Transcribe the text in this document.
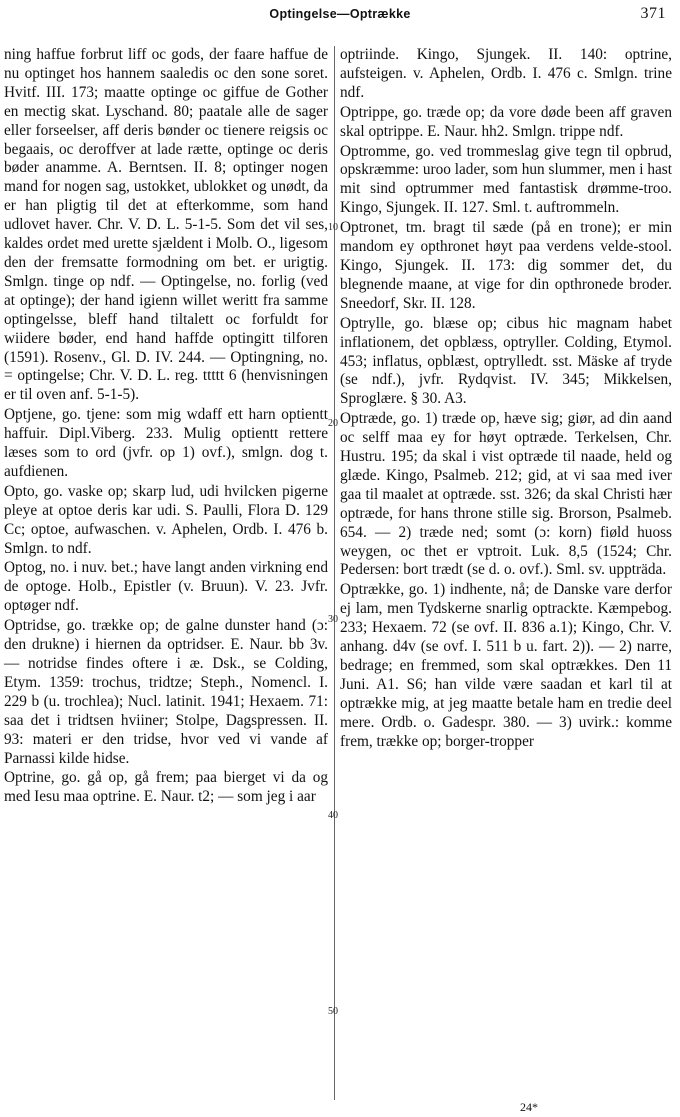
Optingelse—Optrække	371

ning haffue forbrut liff oc gods, der faare haffue de nu optinget hos hannem saaledis oc den sone soret. Hvitf. III. 173; maatte optinge oc giffue de Gother en mectig skat. Lyschand. 80; paatale alle de sager eller forseelser, aff deris bønder oc tienere reigsis oc begaais, oc deroffver at lade rætte, optinge oc deris bøder anamme. A. Berntsen. II. 8; optinger nogen mand for nogen sag, ustokket, ublokket og unødt, da er han pligtig til det at efterkomme, som hand udlovet haver. Chr. V. D. L. 5-1-5. Som det vil ses, kaldes ordet med urette sjældent i Molb. O., ligesom den der fremsatte formodning om bet. er urigtig. Smlgn. tinge op ndf. — Optingelse, no. forlig (ved at optinge); der hand igienn willet weritt fra samme optingelsse, bleff hand tiltalett oc forfuldt for wiidere bøder, end hand haffde optingitt tilforen (1591). Rosenv., Gl. D. IV. 244. — Optingning, no. = optingelse; Chr. V. D. L. reg. ttttt 6 (henvisningen er til oven anf. 5-1-5).

Optjene, go. tjene: som mig wdaff ett harn optientt haffuir. Dipl.Viberg. 233. Mulig optientt rettere læses som to ord (jvfr. op 1) ovf.), smlgn. dog t. aufdienen.

Opto, go. vaske op; skarp lud, udi hvilcken pigerne pleye at optoe deris kar udi. S. Paulli, Flora D. 129 Cc; optoe, aufwaschen. v. Aphelen, Ordb. I. 476 b. Smlgn. to ndf.

Optog, no. i nuv. bet.; have langt anden virkning end de optoge. Holb., Epistler (v. Bruun). V. 23. Jvfr. optøger ndf.

Optridse, go. trække op; de galne dunster hand (ɔ: den drukne) i hiernen da optridser. E. Naur. bb 3v. — notridse findes oftere i æ. Dsk., se Colding, Etym. 1359: trochus, tridtze; Steph., Nomencl. I. 229 b (u. trochlea); Nucl. latinit. 1941; Hexaem. 71: saa det i tridtsen hviiner; Stolpe, Dagspressen. II. 93: materi er den tridse, hvor ved vi vande af Parnassi kilde hidse.

Optrine, go. gå op, gå frem; paa bierget vi da og med Iesu maa optrine. E. Naur. t2; — som jeg i aar

10
20
30
40
50

optriinde. Kingo, Sjungek. II. 140: optrine, aufsteigen. v. Aphelen, Ordb. I. 476 c. Smlgn. trine ndf.

Optrippe, go. træde op; da vore døde been aff graven skal optrippe. E. Naur. hh2. Smlgn. trippe ndf.

Optromme, go. ved trommeslag give tegn til opbrud, opskræmme: uroo lader, som hun slummer, men i hast mit sind optrummer med fantastisk drømme-troo. Kingo, Sjungek. II. 127. Sml. t. auftrommeln.

Optronet, tm. bragt til sæde (på en trone); er min mandom ey opthronet høyt paa verdens velde-stool. Kingo, Sjungek. II. 173: dig sommer det, du blegnende maane, at vige for din opthronede broder. Sneedorf, Skr. II. 128.

Optrylle, go. blæse op; cibus hic magnam habet inflationem, det opblæss, optryller. Colding, Etymol. 453; inflatus, opblæst, optrylledt. sst. Mäske af tryde (se ndf.), jvfr. Rydqvist. IV. 345; Mikkelsen, Sproglære. § 30. A3.

Optræde, go. 1) træde op, hæve sig; giør, ad din aand oc selff maa ey for høyt optræde. Terkelsen, Chr. Hustru. 195; da skal i vist optræde til naade, held og glæde. Kingo, Psalmeb. 212; gid, at vi saa med iver gaa til maalet at optræde. sst. 326; da skal Christi hær optræde, for hans throne stille sig. Brorson, Psalmeb. 654. — 2) træde ned; somt (ɔ: korn) fiøld huoss weygen, oc thet er vptroit. Luk. 8,5 (1524; Chr. Pedersen: bort trædt (se d. o. ovf.). Sml. sv. uppträda.

Optrække, go. 1) indhente, nå; de Danske vare derfor ej lam, men Tydskerne snarlig optrackte. Kæmpebog. 233; Hexaem. 72 (se ovf. II. 836 a.1); Kingo, Chr. V. anhang. d4v (se ovf. I. 511 b u. fart. 2)). — 2) narre, bedrage; en fremmed, som skal optrækkes. Den 11 Juni. A1. S6; han vilde være saadan et karl til at optrække mig, at jeg maatte betale ham en tredie deel mere. Ordb. o. Gadespr. 380. — 3) uvirk.: komme frem, trække op; borger-tropper

24*
